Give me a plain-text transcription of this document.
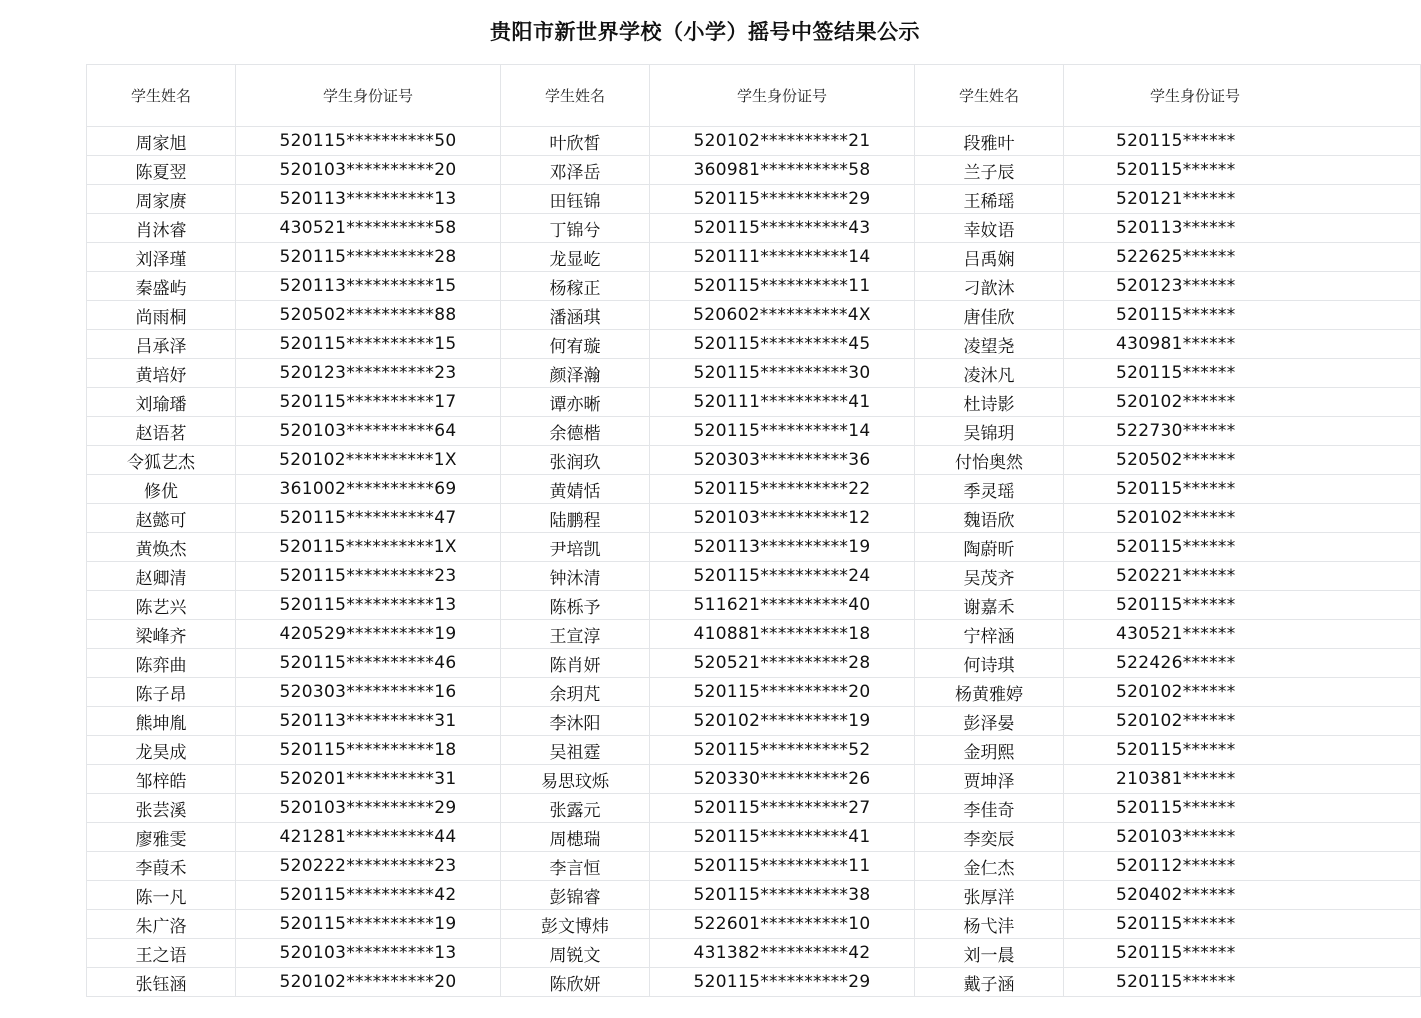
贵阳市新世界学校（小学）摇号中签结果公示
学生姓名	学生身份证号	学生姓名	学生身份证号	学生姓名	学生身份证号
周家旭	520115**********50	叶欣皙	520102**********21	段雅叶	520115******
陈夏翌	520103**********20	邓泽岳	360981**********58	兰子辰	520115******
周家赓	520113**********13	田钰锦	520115**********29	王稀瑶	520121******
肖沐睿	430521**********58	丁锦兮	520115**********43	幸妏语	520113******
刘泽瑾	520115**********28	龙显屹	520111**********14	吕禹娴	522625******
秦盛屿	520113**********15	杨稼正	520115**********11	刁歆沐	520123******
尚雨桐	520502**********88	潘涵琪	520602**********4X	唐佳欣	520115******
吕承泽	520115**********15	何宥璇	520115**********45	凌望尧	430981******
黄培妤	520123**********23	颜泽瀚	520115**********30	凌沐凡	520115******
刘瑜璠	520115**********17	谭亦晰	520111**********41	杜诗影	520102******
赵语茗	520103**********64	余德楷	520115**********14	吴锦玥	522730******
令狐艺杰	520102**********1X	张润玖	520303**********36	付怡奥然	520502******
修优	361002**********69	黄婧恬	520115**********22	季灵瑶	520115******
赵懿可	520115**********47	陆鹏程	520103**********12	魏语欣	520102******
黄焕杰	520115**********1X	尹培凯	520113**********19	陶蔚昕	520115******
赵卿清	520115**********23	钟沐清	520115**********24	吴茂齐	520221******
陈艺兴	520115**********13	陈栎予	511621**********40	谢嘉禾	520115******
梁峰齐	420529**********19	王宣淳	410881**********18	宁梓涵	430521******
陈弈曲	520115**********46	陈肖妍	520521**********28	何诗琪	522426******
陈子昂	520303**********16	余玥芃	520115**********20	杨黄雅婷	520102******
熊坤胤	520113**********31	李沐阳	520102**********19	彭泽晏	520102******
龙昊成	520115**********18	吴祖霆	520115**********52	金玥熙	520115******
邹梓皓	520201**********31	易思玟烁	520330**********26	贾坤泽	210381******
张芸溪	520103**********29	张露元	520115**********27	李佳奇	520115******
廖雅雯	421281**********44	周槵瑞	520115**********41	李奕辰	520103******
李葭禾	520222**********23	李言恒	520115**********11	金仁杰	520112******
陈一凡	520115**********42	彭锦睿	520115**********38	张厚洋	520402******
朱广洛	520115**********19	彭文博炜	522601**********10	杨弋沣	520115******
王之语	520103**********13	周锐文	431382**********42	刘一晨	520115******
张钰涵	520102**********20	陈欣妍	520115**********29	戴子涵	520115******
